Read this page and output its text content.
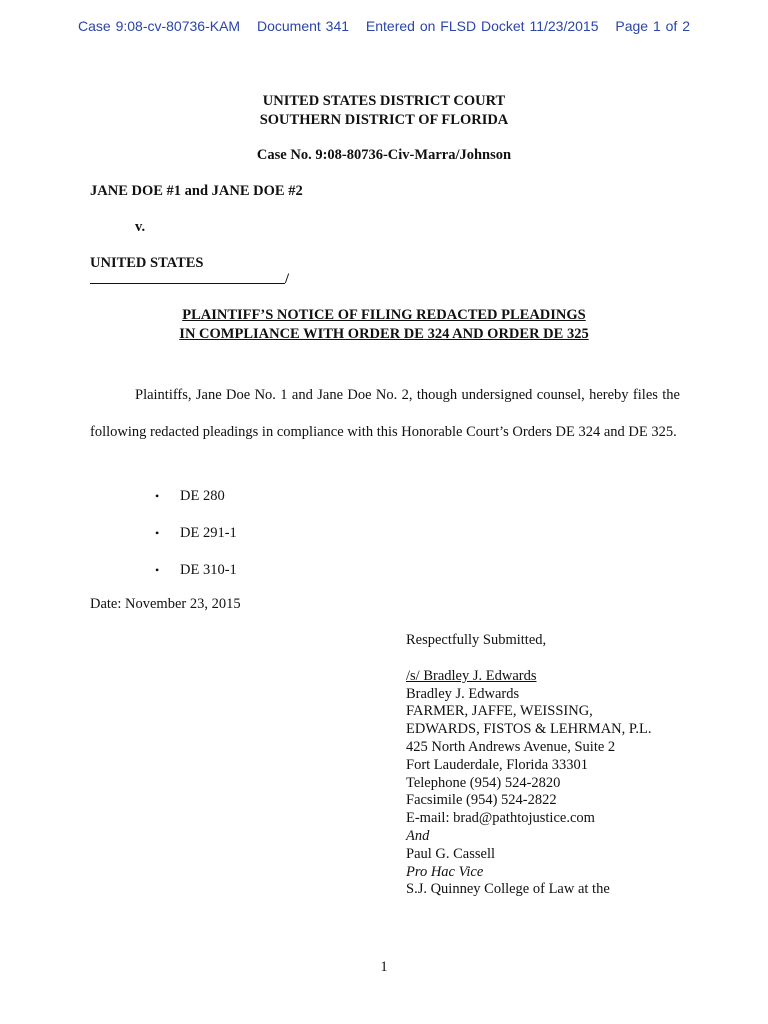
Case 9:08-cv-80736-KAM Document 341 Entered on FLSD Docket 11/23/2015 Page 1 of 2
UNITED STATES DISTRICT COURT
SOUTHERN DISTRICT OF FLORIDA
Case No. 9:08-80736-Civ-Marra/Johnson
JANE DOE #1 and JANE DOE #2
v.
UNITED STATES
/
PLAINTIFF’S NOTICE OF FILING REDACTED PLEADINGS
IN COMPLIANCE WITH ORDER DE 324 AND ORDER DE 325
Plaintiffs, Jane Doe No. 1 and Jane Doe No. 2, though undersigned counsel, hereby files the following redacted pleadings in compliance with this Honorable Court’s Orders DE 324 and DE 325.
• DE 280
• DE 291-1
• DE 310-1
Date: November 23, 2015
Respectfully Submitted,
/s/ Bradley J. Edwards
Bradley J. Edwards
FARMER, JAFFE, WEISSING,
EDWARDS, FISTOS & LEHRMAN, P.L.
425 North Andrews Avenue, Suite 2
Fort Lauderdale, Florida 33301
Telephone (954) 524-2820
Facsimile (954) 524-2822
E-mail: brad@pathtojustice.com
And
Paul G. Cassell
Pro Hac Vice
S.J. Quinney College of Law at the
1
